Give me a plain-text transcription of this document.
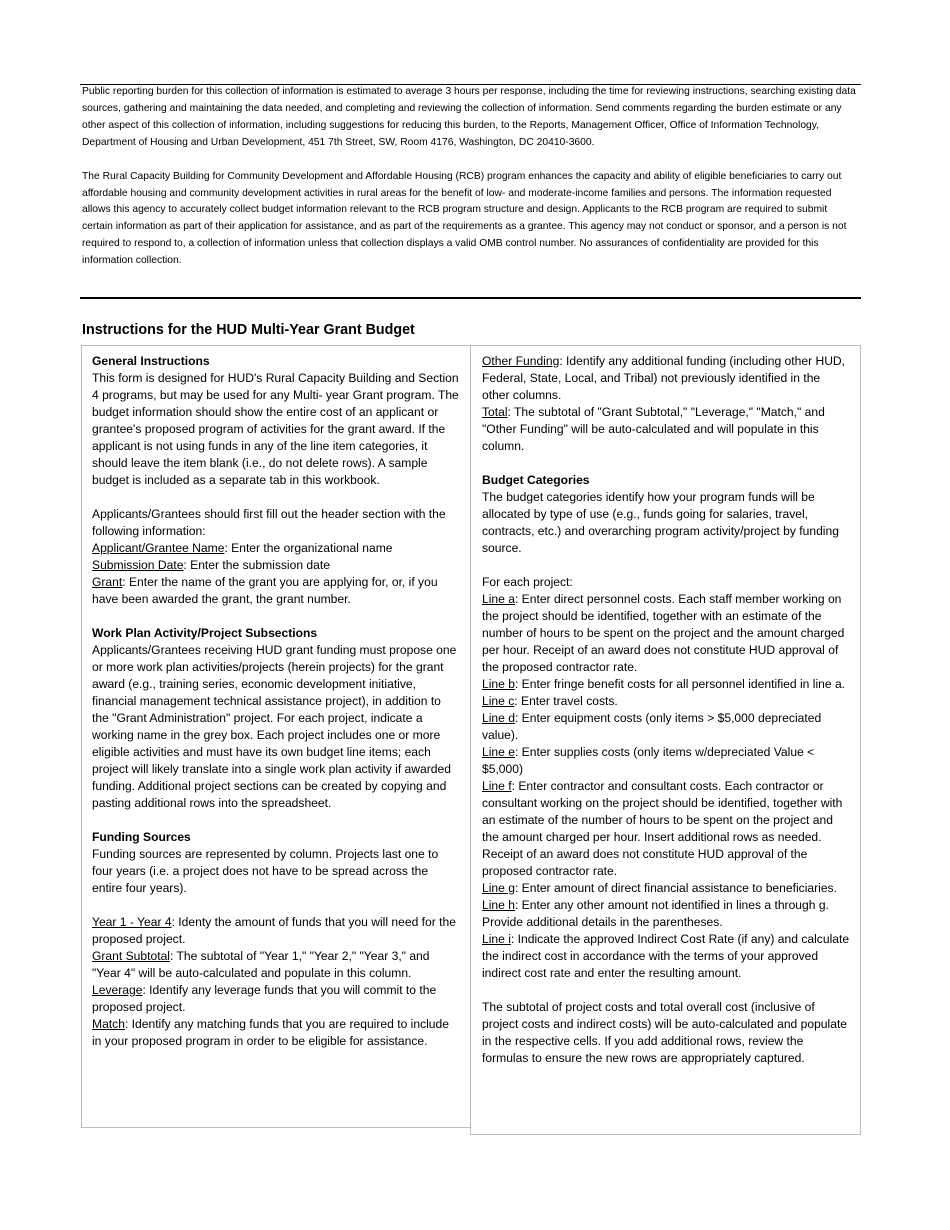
Public reporting burden for this collection of information is estimated to average 3 hours per response, including the time for reviewing instructions, searching existing data sources, gathering and maintaining the data needed, and completing and reviewing the collection of information. Send comments regarding the burden estimate or any other aspect of this collection of information, including suggestions for reducing this burden, to the Reports, Management Officer, Office of Information Technology, Department of Housing and Urban Development, 451 7th Street, SW, Room 4176, Washington, DC 20410-3600.

The Rural Capacity Building for Community Development and Affordable Housing (RCB) program enhances the capacity and ability of eligible beneficiaries to carry out affordable housing and community development activities in rural areas for the benefit of low- and moderate-income families and persons. The information requested allows this agency to accurately collect budget information relevant to the RCB program structure and design. Applicants to the RCB program are required to submit certain information as part of their application for assistance, and as part of the requirements as a grantee. This agency may not conduct or sponsor, and a person is not required to respond to, a collection of information unless that collection displays a valid OMB control number. No assurances of confidentiality are provided for this information collection.

Instructions for the HUD Multi-Year Grant Budget

General Instructions

This form is designed for HUD's Rural Capacity Building and Section 4 programs, but may be used for any Multi- year Grant program. The budget information should show the entire cost of an applicant or grantee's proposed program of activities for the grant award. If the applicant is not using funds in any of the line item categories, it should leave the item blank (i.e., do not delete rows). A sample budget is included as a separate tab in this workbook.

Applicants/Grantees should first fill out the header section with the following information:

Applicant/Grantee Name: Enter the organizational name

Submission Date: Enter the submission date

Grant: Enter the name of the grant you are applying for, or, if you have been awarded the grant, the grant number.

Work Plan Activity/Project Subsections

Applicants/Grantees receiving HUD grant funding must propose one or more work plan activities/projects (herein projects) for the grant award (e.g., training series, economic development initiative, financial management technical assistance project), in addition to the "Grant Administration" project. For each project, indicate a working name in the grey box. Each project includes one or more eligible activities and must have its own budget line items; each project will likely translate into a single work plan activity if awarded funding. Additional project sections can be created by copying and pasting additional rows into the spreadsheet.

Funding Sources

Funding sources are represented by column. Projects last one to four years (i.e. a project does not have to be spread across the entire four years).

Year 1 - Year 4: Identy the amount of funds that you will need for the proposed project.

Grant Subtotal: The subtotal of "Year 1," "Year 2," "Year 3," and "Year 4" will be auto-calculated and populate in this column.

Leverage: Identify any leverage funds that you will commit to the proposed project.

Match: Identify any matching funds that you are required to include in your proposed program in order to be eligible for assistance.

Other Funding: Identify any additional funding (including other HUD, Federal, State, Local, and Tribal) not previously identified in the other columns.

Total: The subtotal of "Grant Subtotal," "Leverage," "Match," and "Other Funding" will be auto-calculated and will populate in this column.

Budget Categories

The budget categories identify how your program funds will be allocated by type of use (e.g., funds going for salaries, travel, contracts, etc.) and overarching program activity/project by funding source.

For each project:

Line a: Enter direct personnel costs. Each staff member working on the project should be identified, together with an estimate of the number of hours to be spent on the project and the amount charged per hour. Receipt of an award does not constitute HUD approval of the proposed contractor rate.

Line b: Enter fringe benefit costs for all personnel identified in line a.

Line c: Enter travel costs.

Line d: Enter equipment costs (only items > $5,000 depreciated value).

Line e: Enter supplies costs (only items w/depreciated Value < $5,000)

Line f: Enter contractor and consultant costs. Each contractor or consultant working on the project should be identified, together with an estimate of the number of hours to be spent on the project and the amount charged per hour. Insert additional rows as needed. Receipt of an award does not constitute HUD approval of the proposed contractor rate.

Line g: Enter amount of direct financial assistance to beneficiaries.

Line h: Enter any other amount not identified in lines a through g. Provide additional details in the parentheses.

Line i: Indicate the approved Indirect Cost Rate (if any) and calculate the indirect cost in accordance with the terms of your approved indirect cost rate and enter the resulting amount.

The subtotal of project costs and total overall cost (inclusive of project costs and indirect costs) will be auto-calculated and populate in the respective cells. If you add additional rows, review the formulas to ensure the new rows are appropriately captured.
